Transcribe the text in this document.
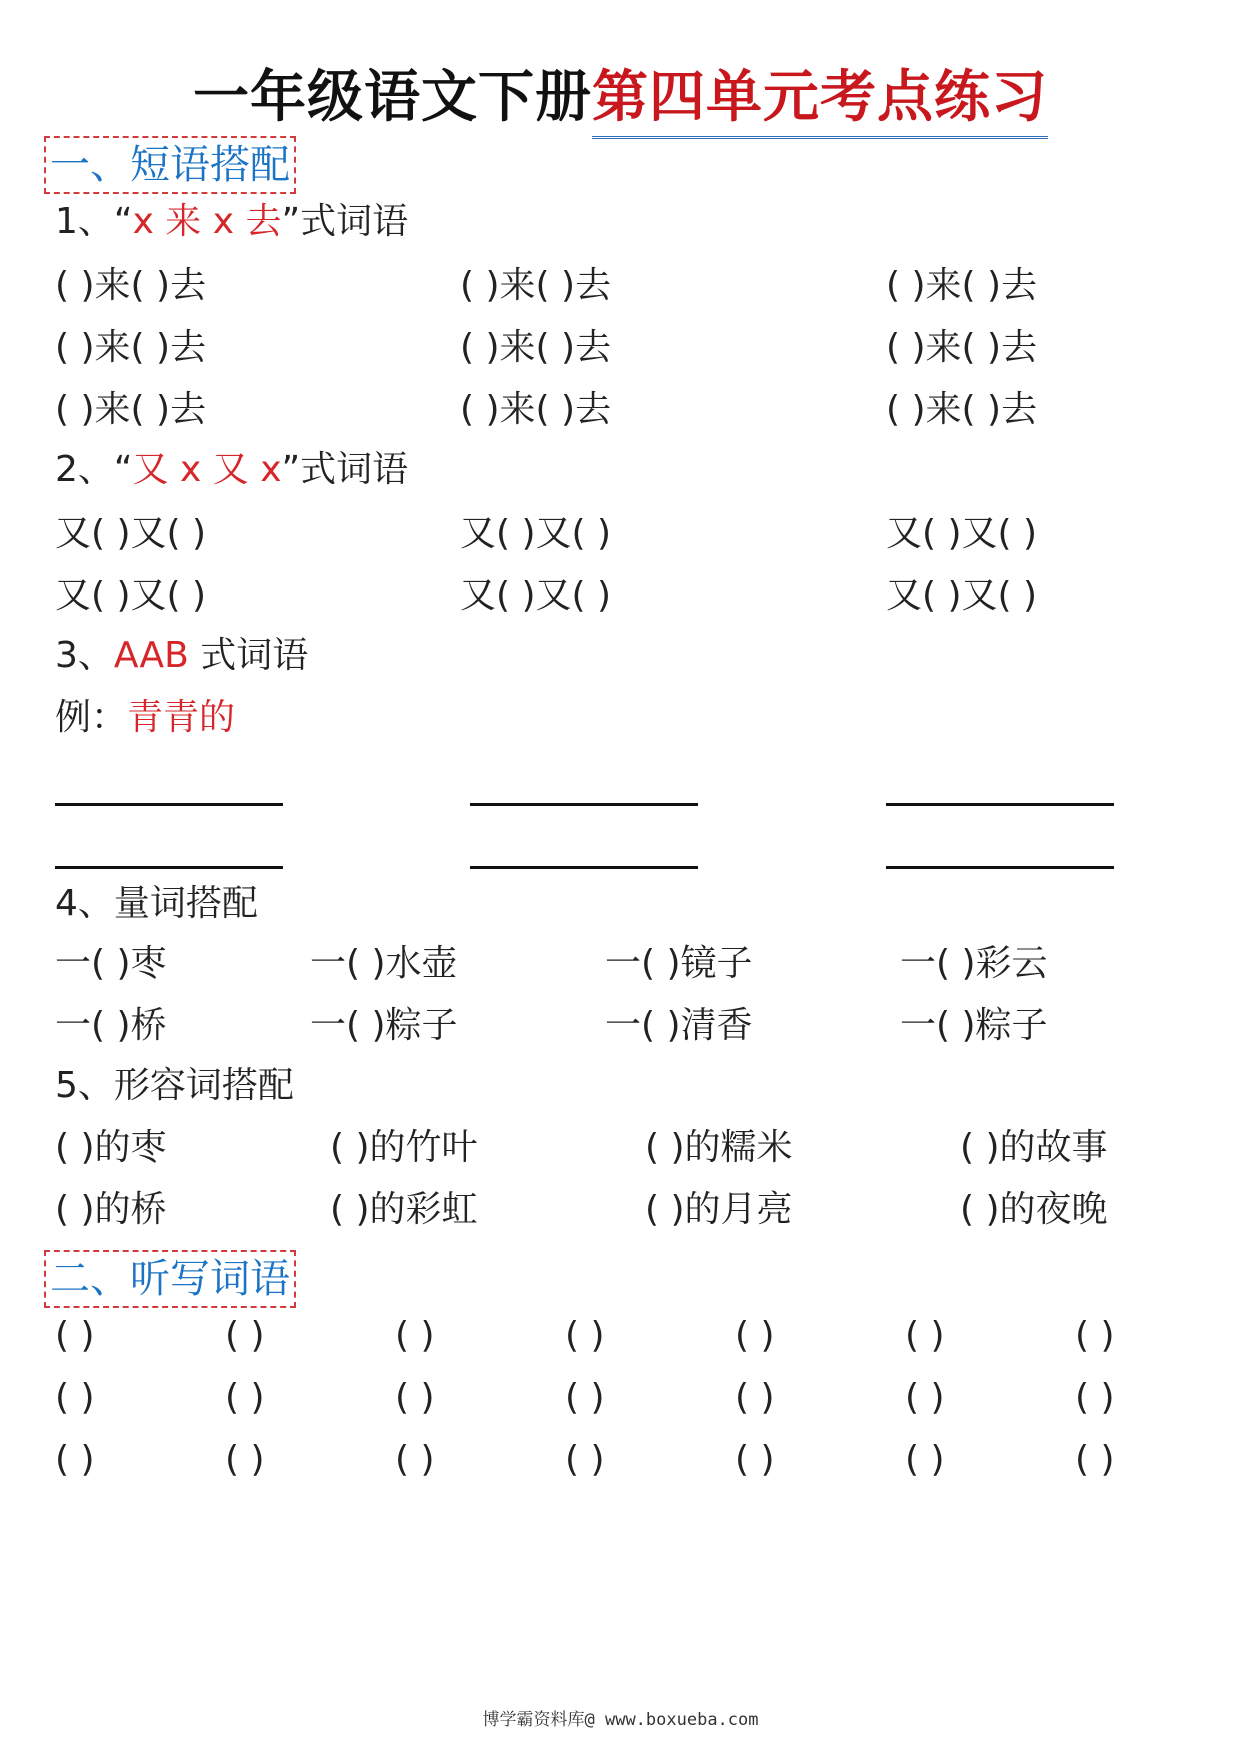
一年级语文下册第四单元考点练习
一、短语搭配
1、“x 来 x 去”式词语
( )来( )去	( )来( )去	( )来( )去
( )来( )去	( )来( )去	( )来( )去
( )来( )去	( )来( )去	( )来( )去
2、“又 x 又 x”式词语
又( )又( )	又( )又( )	又( )又( )
又( )又( )	又( )又( )	又( )又( )
3、AAB 式词语
例：青青的
4、量词搭配
一( )枣	一( )水壶	一( )镜子	一( )彩云
一( )桥	一( )粽子	一( )清香	一( )粽子
5、形容词搭配
( )的枣	( )的竹叶	( )的糯米	( )的故事
( )的桥	( )的彩虹	( )的月亮	( )的夜晚
二、听写词语
( )	( )	( )	( )	( )	( )	( )
( )	( )	( )	( )	( )	( )	( )
( )	( )	( )	( )	( )	( )	( )
博学霸资料库@ www.boxueba.com
